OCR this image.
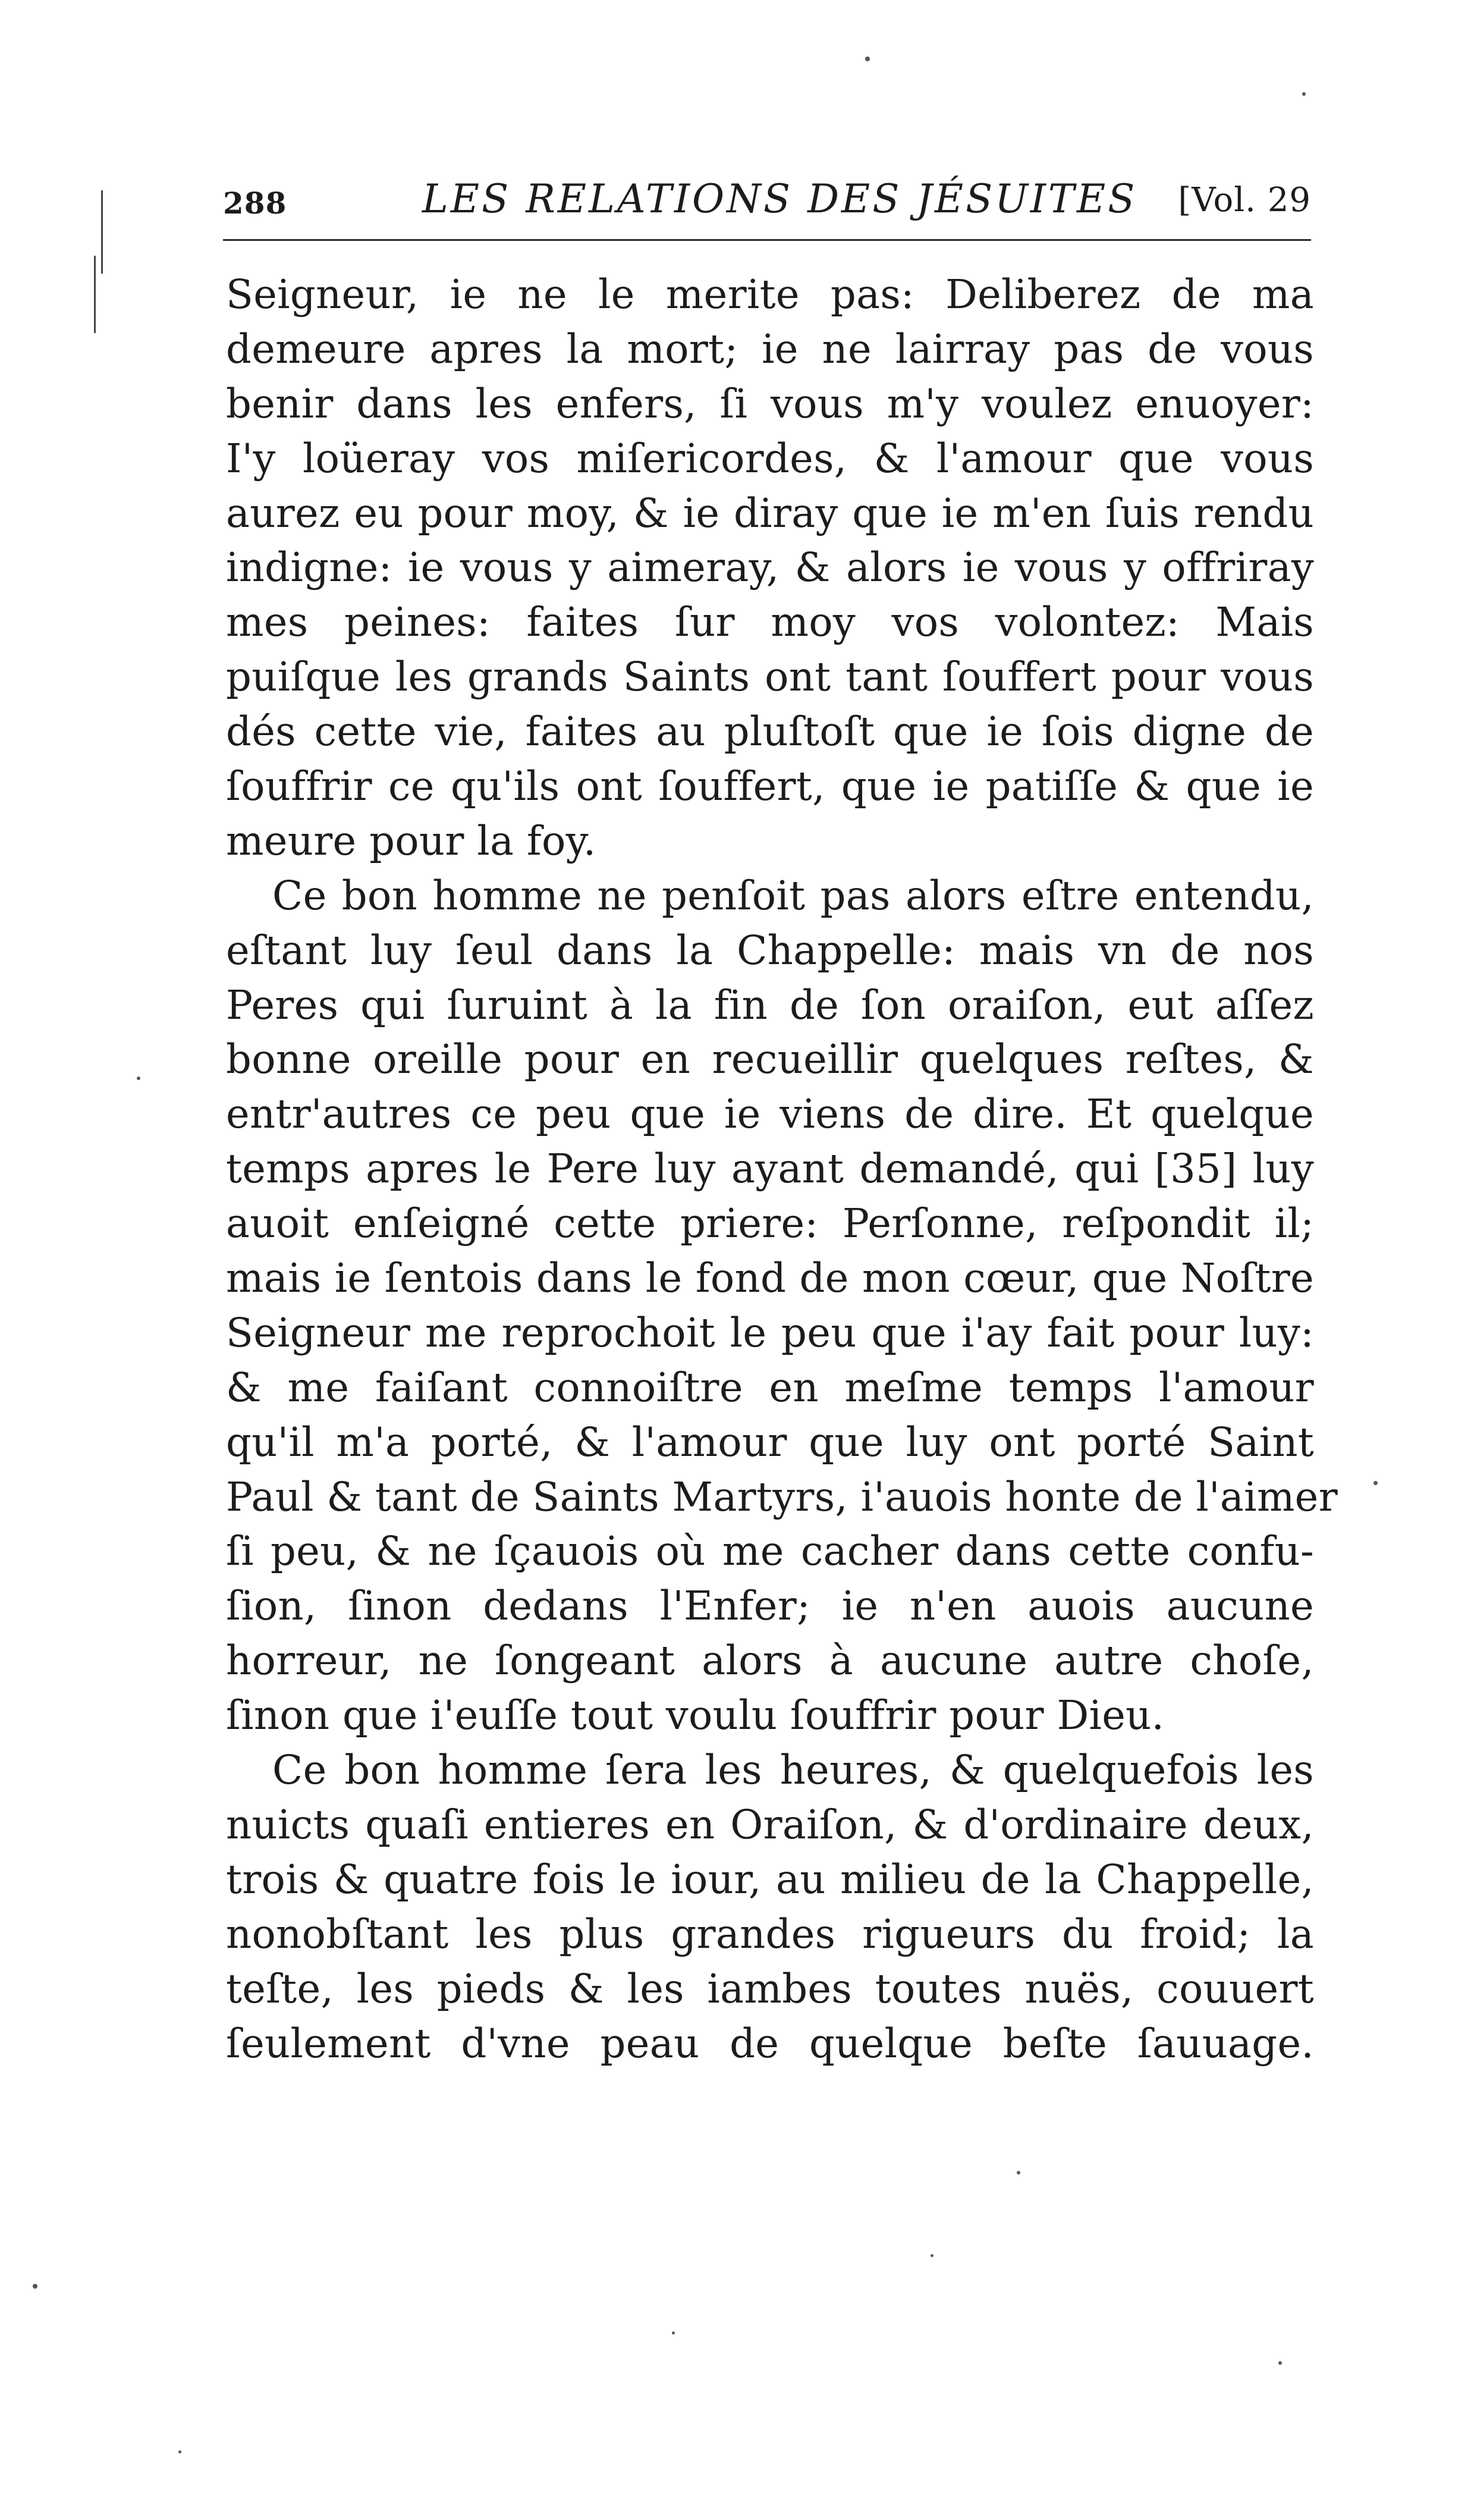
288	LES RELATIONS DES JÉSUITES [Vol. 29

Seigneur, ie ne le merite pas: Deliberez de ma
demeure apres la mort; ie ne lairray pas de vous
benir dans les enfers, ſi vous m'y voulez enuoyer:
I'y loüeray vos miſericordes, & l'amour que vous
aurez eu pour moy, & ie diray que ie m'en ſuis rendu
indigne: ie vous y aimeray, & alors ie vous y offriray
mes peines: faites ſur moy vos volontez: Mais
puiſque les grands Saints ont tant ſouffert pour vous
dés cette vie, faites au pluſtoſt que ie ſois digne de
ſouffrir ce qu'ils ont ſouffert, que ie patiſſe & que ie
meure pour la foy.

Ce bon homme ne penſoit pas alors eſtre entendu,
eſtant luy ſeul dans la Chappelle: mais vn de nos
Peres qui ſuruint à la fin de ſon oraiſon, eut aſſez
bonne oreille pour en recueillir quelques reſtes, &
entr'autres ce peu que ie viens de dire. Et quelque
temps apres le Pere luy ayant demandé, qui [35] luy
auoit enſeigné cette priere: Perſonne, reſpondit il;
mais ie ſentois dans le fond de mon cœur, que Noſtre
Seigneur me reprochoit le peu que i'ay fait pour luy:
& me faiſant connoiſtre en meſme temps l'amour
qu'il m'a porté, & l'amour que luy ont porté Saint
Paul & tant de Saints Martyrs, i'auois honte de l'aimer
ſi peu, & ne ſçauois où me cacher dans cette confu-
ſion, ſinon dedans l'Enfer; ie n'en auois aucune
horreur, ne ſongeant alors à aucune autre choſe,
ſinon que i'euſſe tout voulu ſouffrir pour Dieu.

Ce bon homme ſera les heures, & quelquefois les
nuicts quaſi entieres en Oraiſon, & d'ordinaire deux,
trois & quatre fois le iour, au milieu de la Chappelle,
nonobſtant les plus grandes rigueurs du froid; la
teſte, les pieds & les iambes toutes nuës, couuert
ſeulement d'vne peau de quelque beſte ſauuage.
